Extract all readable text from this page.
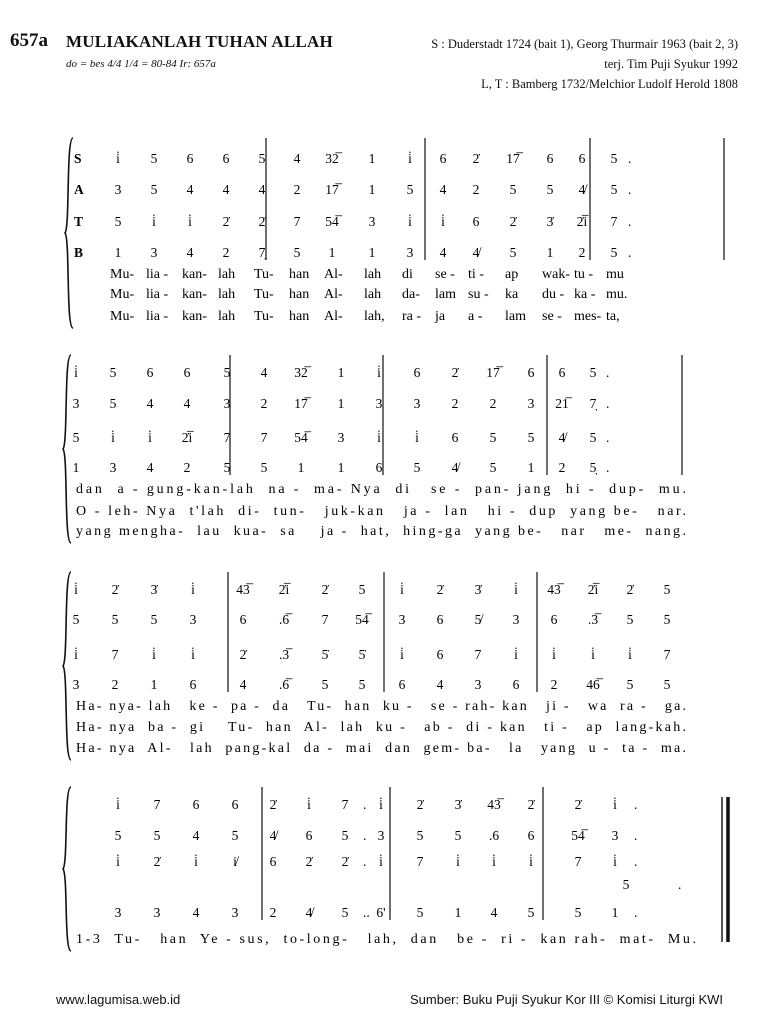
657a MULIAKANLAH TUHAN ALLAH
do = bes 4/4 1/4 = 80-84 Ir: 657a
S : Duderstadt 1724 (bait 1), Georg Thurmair 1963 (bait 2, 3)
terj. Tim Puji Syukur 1992
L, T : Bamberg 1732/Melchior Ludolf Herold 1808
S
A
T
B
i̇ 5 6 6 5 4 32̅ 1 i̇ 6 2̇ 17̅ 6 6 5 .
3 5 4 4 4 2 17̅ 1 5 4 2 5 5 4̸ 5 .
5 i̇ i̇ 2̇ 2̇ 7 54̅ 3 i̇ i̇ 6 2̇ 3̇ 2̇i̅ 7 .
1 3 4 2 7̣ 5 1 1 3 4 4̸ 5 1 2 5 .
Mu- lia - kan- lah Tu- han Al- lah di se - ti - ap wak- tu - mu
Mu- lia - kan- lah Tu- han Al- lah da- lam su - ka du - ka - mu.
Mu- lia - kan- lah Tu- han Al- lah, ra - ja a - lam se - mes- ta,
i̇ 5 6 6 5 4 32̅ 1 i̇ 6 2̇ 17̅ 6 6 5 .
3 5 4 4 3 2 17̅ 1 3 3 2 2 3 21̅ 7̣ .
5 i̇ i̇ 2̇i̅ 7 7 54̅ 3 i̇	i̇ 6 5 5 4̸ 5 .
1 3 4 2 5 5 1 1 6 5 4̸ 5 1 2 5̣ .
dan  a - gung-kan-lah  na -  ma- Nya  di   se -  pan- jang  hi -  dup-  mu.
O - leh- Nya  t'lah  di-  tun-   juk-kan   ja -  lan   hi -  dup  yang be-   nar.
yang mengha-  lau  kua-  sa    ja -  hat,  hing-ga  yang be-   nar   me-  nang.
i̇ 2̇ 3̇ i̇	43̅ 2̇i̅ 2̇ 5	i̇ 2̇ 3̇ i̇ 43̅ 2̇i̅ 2̇ 5
5 5 5 3	6 .6̅ 7 54̅ 3 6 5̸ 3 6 .3̅ 5 5
i̇ 7 i̇	i̇	2̇ .3̅ 5̇ 5̇	i̇ 6 7 i̇	i̇	i̇ i̇ 7
3 2 1 6	4 .6̅ 5 5 6 4 3 6 2 46̅ 5 5
Ha- nya- lah   ke -  pa -  da   Tu-  han  ku -   se - rah- kan   ji -   wa  ra -   ga.
Ha- nya  ba -  gi    Tu-  han  Al-  lah  ku -   ab -  di - kan   ti -   ap  lang-kah.
Ha- nya  Al-   lah  pang-kal  da -  mai  dan  gem- ba-   la   yang  u -  ta -  ma.
i̇ 7 6 6 2̇ i̇ 7 . i̇ 2̇ 3̇ 43̅ 2̇	2̇ i̇ .
5 5 4 5 4̸ 6 5 . 3 5 5 .6 6	54̅ 3 .
i̇ 2̇ i̇	i̸ 6 2̇ 2̇ . i̇ 7 i̇ i̇ i̇	7 i̇ .
3 3 4 3 2 4̸ 5 .. 6' 5 1 4 5	5 1 .
5	.
1-3  Tu-   han  Ye - sus,  to-long-   lah,  dan   be -  ri -  kan rah-  mat-  Mu.
www.lagumisa.web.id	Sumber: Buku Puji Syukur Kor III © Komisi Liturgi KWI
